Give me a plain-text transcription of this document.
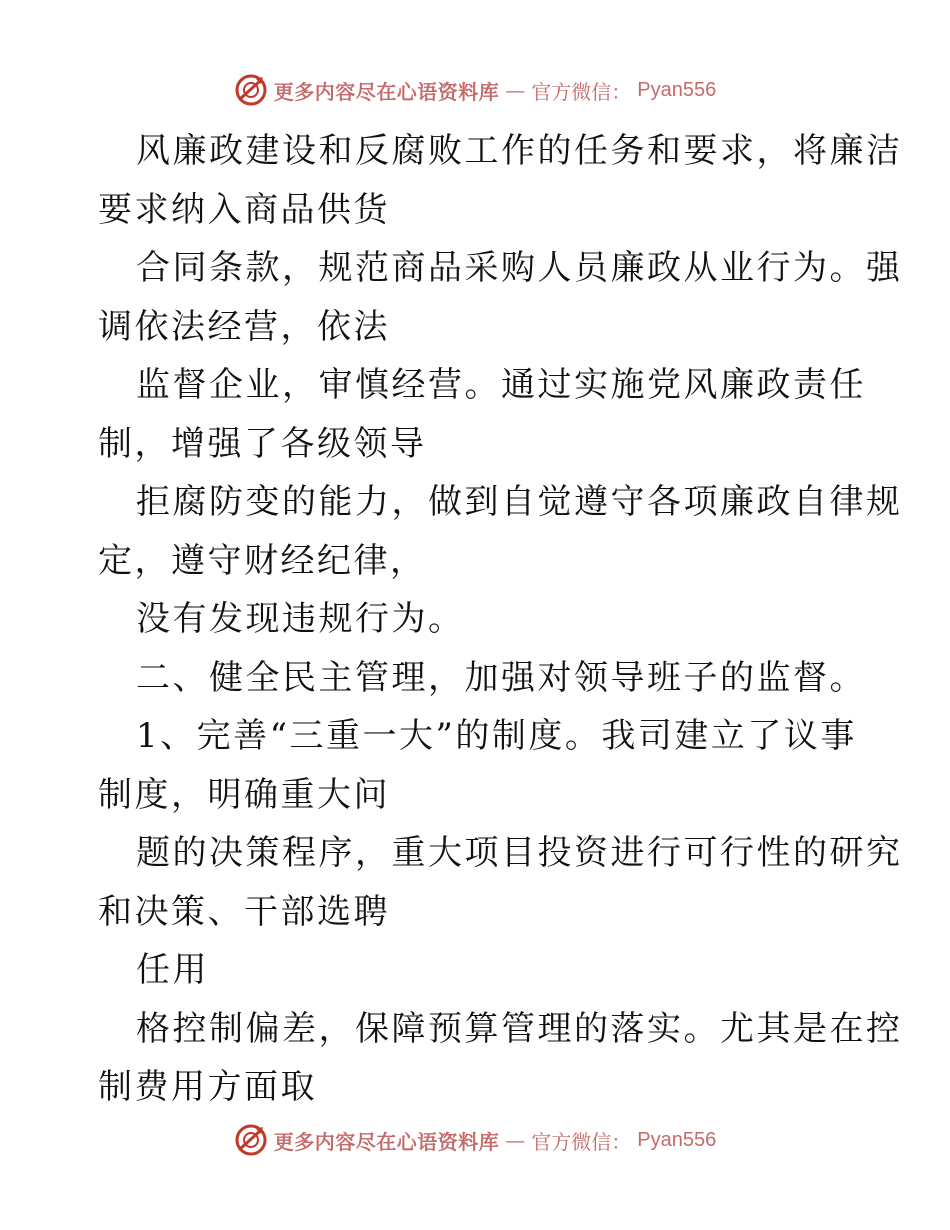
更多内容尽在心语资料库 — 官方微信： Pyan556
风廉政建设和反腐败工作的任务和要求，将廉洁
要求纳入商品供货
合同条款，规范商品采购人员廉政从业行为。强
调依法经营，依法
监督企业，审慎经营。通过实施党风廉政责任
制，增强了各级领导
拒腐防变的能力，做到自觉遵守各项廉政自律规
定，遵守财经纪律，
没有发现违规行为。
二、健全民主管理，加强对领导班子的监督。
1、完善“三重一大”的制度。我司建立了议事
制度，明确重大问
题的决策程序，重大项目投资进行可行性的研究
和决策、干部选聘
任用
格控制偏差，保障预算管理的落实。尤其是在控
制费用方面取
更多内容尽在心语资料库 — 官方微信： Pyan556
